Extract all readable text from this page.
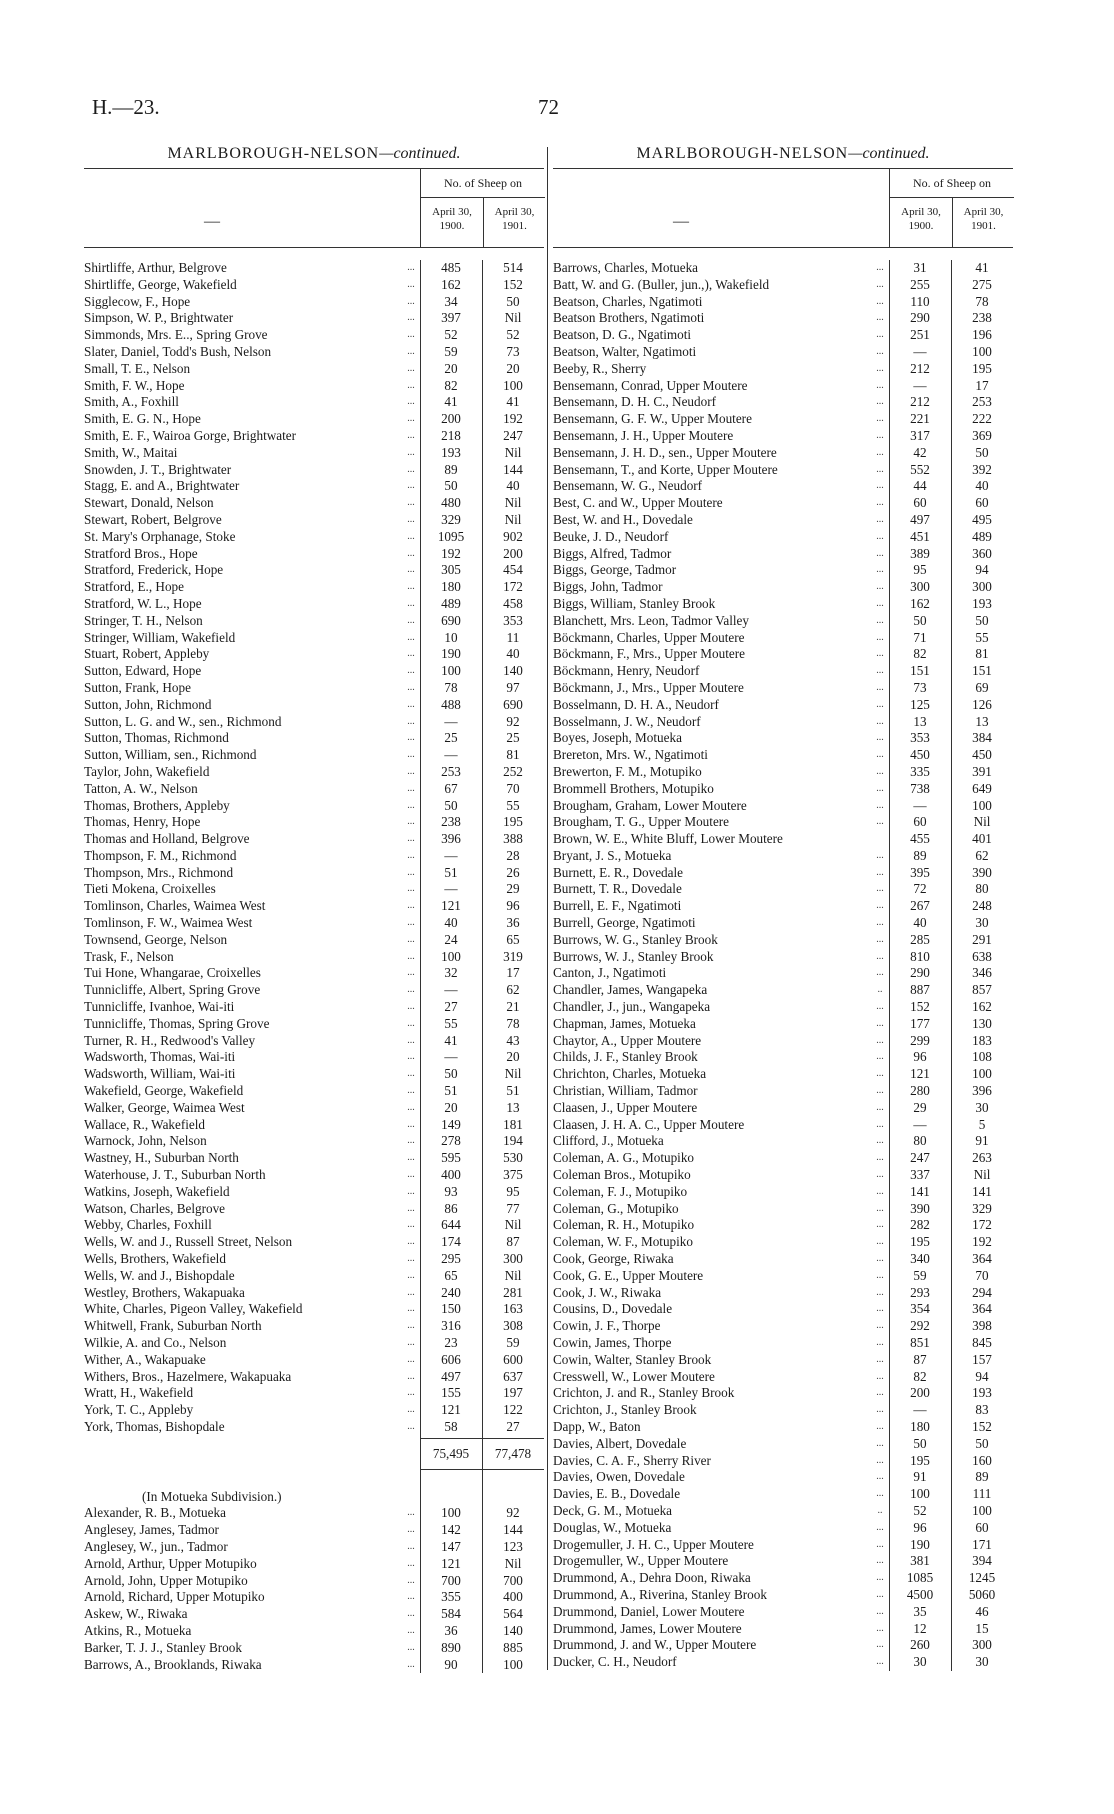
H.—23.	72
MARLBOROUGH-NELSON—continued.
—
No. of Sheep on
April 30, 1900.
April 30, 1901.
Shirtliffe, Arthur, Belgrove	...	485	514
Shirtliffe, George, Wakefield	...	162	152
Sigglecow, F., Hope	...	34	50
Simpson, W. P., Brightwater	...	397	Nil
Simmonds, Mrs. E.., Spring Grove	...	52	52
Slater, Daniel, Todd's Bush, Nelson	...	59	73
Small, T. E., Nelson	...	20	20
Smith, F. W., Hope	...	82	100
Smith, A., Foxhill	...	41	41
Smith, E. G. N., Hope	...	200	192
Smith, E. F., Wairoa Gorge, Brightwater	...	218	247
Smith, W., Maitai	...	193	Nil
Snowden, J. T., Brightwater	...	89	144
Stagg, E. and A., Brightwater	...	50	40
Stewart, Donald, Nelson	...	480	Nil
Stewart, Robert, Belgrove	...	329	Nil
St. Mary's Orphanage, Stoke	...	1095	902
Stratford Bros., Hope	...	192	200
Stratford, Frederick, Hope	...	305	454
Stratford, E., Hope	...	180	172
Stratford, W. L., Hope	...	489	458
Stringer, T. H., Nelson	...	690	353
Stringer, William, Wakefield	...	10	11
Stuart, Robert, Appleby	...	190	40
Sutton, Edward, Hope	...	100	140
Sutton, Frank, Hope	...	78	97
Sutton, John, Richmond	...	488	690
Sutton, L. G. and W., sen., Richmond	...	—	92
Sutton, Thomas, Richmond	...	25	25
Sutton, William, sen., Richmond	...	—	81
Taylor, John, Wakefield	...	253	252
Tatton, A. W., Nelson	...	67	70
Thomas, Brothers, Appleby	...	50	55
Thomas, Henry, Hope	...	238	195
Thomas and Holland, Belgrove	...	396	388
Thompson, F. M., Richmond	...	—	28
Thompson, Mrs., Richmond	...	51	26
Tieti Mokena, Croixelles	...	—	29
Tomlinson, Charles, Waimea West	...	121	96
Tomlinson, F. W., Waimea West	...	40	36
Townsend, George, Nelson	...	24	65
Trask, F., Nelson	...	100	319
Tui Hone, Whangarae, Croixelles	...	32	17
Tunnicliffe, Albert, Spring Grove	...	—	62
Tunnicliffe, Ivanhoe, Wai-iti	...	27	21
Tunnicliffe, Thomas, Spring Grove	...	55	78
Turner, R. H., Redwood's Valley	...	41	43
Wadsworth, Thomas, Wai-iti	...	—	20
Wadsworth, William, Wai-iti	...	50	Nil
Wakefield, George, Wakefield	...	51	51
Walker, George, Waimea West	...	20	13
Wallace, R., Wakefield	...	149	181
Warnock, John, Nelson	...	278	194
Wastney, H., Suburban North	...	595	530
Waterhouse, J. T., Suburban North	...	400	375
Watkins, Joseph, Wakefield	...	93	95
Watson, Charles, Belgrove	...	86	77
Webby, Charles, Foxhill	...	644	Nil
Wells, W. and J., Russell Street, Nelson	...	174	87
Wells, Brothers, Wakefield	...	295	300
Wells, W. and J., Bishopdale	...	65	Nil
Westley, Brothers, Wakapuaka	...	240	281
White, Charles, Pigeon Valley, Wakefield	...	150	163
Whitwell, Frank, Suburban North	...	316	308
Wilkie, A. and Co., Nelson	...	23	59
Wither, A., Wakapuake	...	606	600
Withers, Bros., Hazelmere, Wakapuaka	...	497	637
Wratt, H., Wakefield	...	155	197
York, T. C., Appleby	...	121	122
York, Thomas, Bishopdale	...	58	27
75,495	77,478
(In Motueka Subdivision.)
Alexander, R. B., Motueka	...	100	92
Anglesey, James, Tadmor	...	142	144
Anglesey, W., jun., Tadmor	...	147	123
Arnold, Arthur, Upper Motupiko	...	121	Nil
Arnold, John, Upper Motupiko	...	700	700
Arnold, Richard, Upper Motupiko	...	355	400
Askew, W., Riwaka	...	584	564
Atkins, R., Motueka	...	36	140
Barker, T. J. J., Stanley Brook	...	890	885
Barrows, A., Brooklands, Riwaka	...	90	100
MARLBOROUGH-NELSON—continued.
—
No. of Sheep on
April 30, 1900.
April 30, 1901.
Barrows, Charles, Motueka	...	31	41
Batt, W. and G. (Buller, jun.,), Wakefield	...	255	275
Beatson, Charles, Ngatimoti	...	110	78
Beatson Brothers, Ngatimoti	...	290	238
Beatson, D. G., Ngatimoti	...	251	196
Beatson, Walter, Ngatimoti	...	—	100
Beeby, R., Sherry	...	212	195
Bensemann, Conrad, Upper Moutere	...	—	17
Bensemann, D. H. C., Neudorf	...	212	253
Bensemann, G. F. W., Upper Moutere	...	221	222
Bensemann, J. H., Upper Moutere	...	317	369
Bensemann, J. H. D., sen., Upper Moutere	...	42	50
Bensemann, T., and Korte, Upper Moutere	...	552	392
Bensemann, W. G., Neudorf	...	44	40
Best, C. and W., Upper Moutere	...	60	60
Best, W. and H., Dovedale	...	497	495
Beuke, J. D., Neudorf	...	451	489
Biggs, Alfred, Tadmor	...	389	360
Biggs, George, Tadmor	...	95	94
Biggs, John, Tadmor	...	300	300
Biggs, William, Stanley Brook	...	162	193
Blanchett, Mrs. Leon, Tadmor Valley	...	50	50
Böckmann, Charles, Upper Moutere	...	71	55
Böckmann, F., Mrs., Upper Moutere	...	82	81
Böckmann, Henry, Neudorf	...	151	151
Böckmann, J., Mrs., Upper Moutere	...	73	69
Bosselmann, D. H. A., Neudorf	...	125	126
Bosselmann, J. W., Neudorf	...	13	13
Boyes, Joseph, Motueka	...	353	384
Brereton, Mrs. W., Ngatimoti	...	450	450
Brewerton, F. M., Motupiko	...	335	391
Brommell Brothers, Motupiko	...	738	649
Brougham, Graham, Lower Moutere	...	—	100
Brougham, T. G., Upper Moutere	...	60	Nil
Brown, W. E., White Bluff, Lower Moutere	455	401
Bryant, J. S., Motueka	...	89	62
Burnett, E. R., Dovedale	...	395	390
Burnett, T. R., Dovedale	...	72	80
Burrell, E. F., Ngatimoti	...	267	248
Burrell, George, Ngatimoti	...	40	30
Burrows, W. G., Stanley Brook	...	285	291
Burrows, W. J., Stanley Brook	...	810	638
Canton, J., Ngatimoti	...	290	346
Chandler, James, Wangapeka	..	887	857
Chandler, J., jun., Wangapeka	...	152	162
Chapman, James, Motueka	...	177	130
Chaytor, A., Upper Moutere	...	299	183
Childs, J. F., Stanley Brook	...	96	108
Chrichton, Charles, Motueka	...	121	100
Christian, William, Tadmor	...	280	396
Claasen, J., Upper Moutere	...	29	30
Claasen, J. H. A. C., Upper Moutere	...	—	5
Clifford, J., Motueka	...	80	91
Coleman, A. G., Motupiko	...	247	263
Coleman Bros., Motupiko	...	337	Nil
Coleman, F. J., Motupiko	...	141	141
Coleman, G., Motupiko	...	390	329
Coleman, R. H., Motupiko	...	282	172
Coleman, W. F., Motupiko	...	195	192
Cook, George, Riwaka	...	340	364
Cook, G. E., Upper Moutere	...	59	70
Cook, J. W., Riwaka	...	293	294
Cousins, D., Dovedale	...	354	364
Cowin, J. F., Thorpe	...	292	398
Cowin, James, Thorpe	...	851	845
Cowin, Walter, Stanley Brook	...	87	157
Cresswell, W., Lower Moutere	...	82	94
Crichton, J. and R., Stanley Brook	...	200	193
Crichton, J., Stanley Brook	...	—	83
Dapp, W., Baton	...	180	152
Davies, Albert, Dovedale	...	50	50
Davies, C. A. F., Sherry River	...	195	160
Davies, Owen, Dovedale	...	91	89
Davies, E. B., Dovedale	...	100	111
Deck, G. M., Motueka	..	52	100
Douglas, W., Motueka	...	96	60
Drogemuller, J. H. C., Upper Moutere	...	190	171
Drogemuller, W., Upper Moutere	...	381	394
Drummond, A., Dehra Doon, Riwaka	...	1085	1245
Drummond, A., Riverina, Stanley Brook	...	4500	5060
Drummond, Daniel, Lower Moutere	...	35	46
Drummond, James, Lower Moutere	...	12	15
Drummond, J. and W., Upper Moutere	...	260	300
Ducker, C. H., Neudorf	...	30	30
